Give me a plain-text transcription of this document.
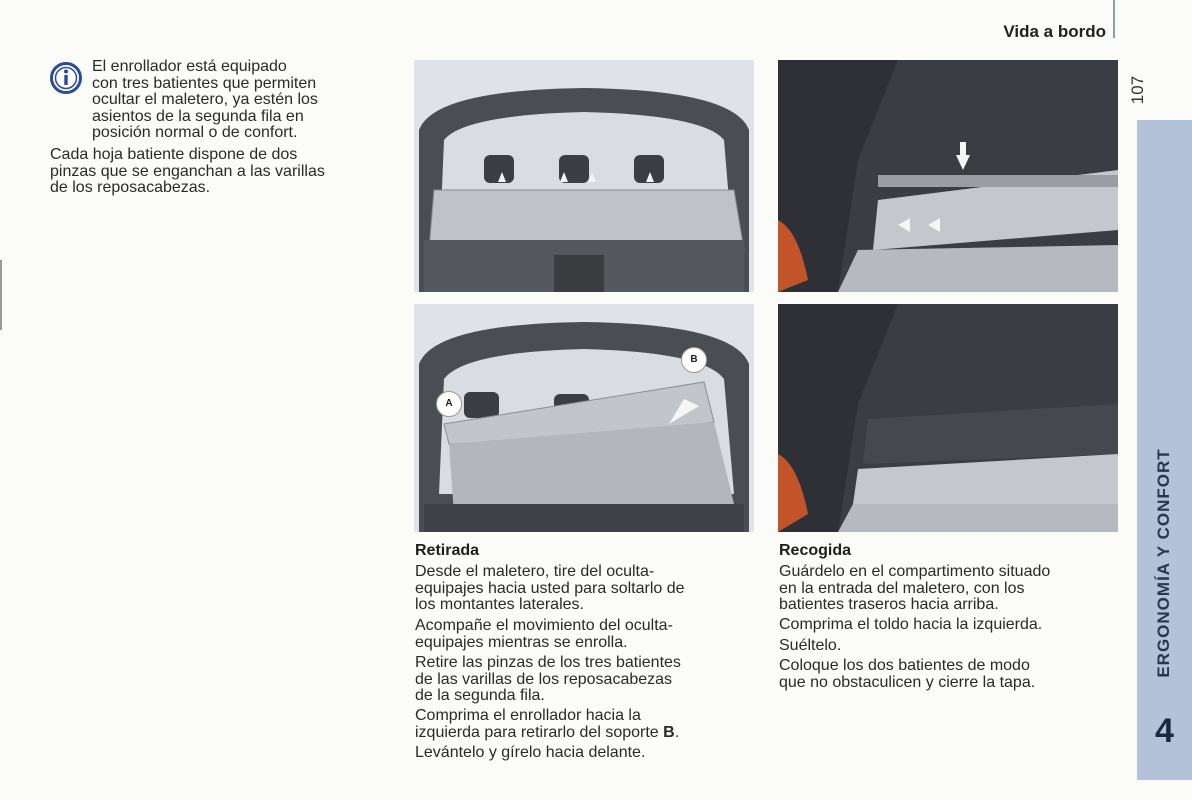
Vida a bordo
107
ERGONOMÍA Y CONFORT
4

El enrollador está equipado

con tres batientes que permiten

ocultar el maletero, ya estén los

asientos de la segunda fila en

posición normal o de confort.

Cada hoja batiente dispone de dos

pinzas que se enganchan a las varillas

de los reposacabezas.

A
B
Retirada

Desde el maletero, tire del oculta-

equipajes hacia usted para soltarlo de

los montantes laterales.

Acompañe el movimiento del oculta-

equipajes mientras se enrolla.

Retire las pinzas de los tres batientes

de las varillas de los reposacabezas

de la segunda fila.

Comprima el enrollador hacia la

izquierda para retirarlo del soporte B.

Levántelo y gírelo hacia delante.

Recogida

Guárdelo en el compartimento situado

en la entrada del maletero, con los

batientes traseros hacia arriba.

Comprima el toldo hacia la izquierda.

Suéltelo.

Coloque los dos batientes de modo

que no obstaculicen y cierre la tapa.
